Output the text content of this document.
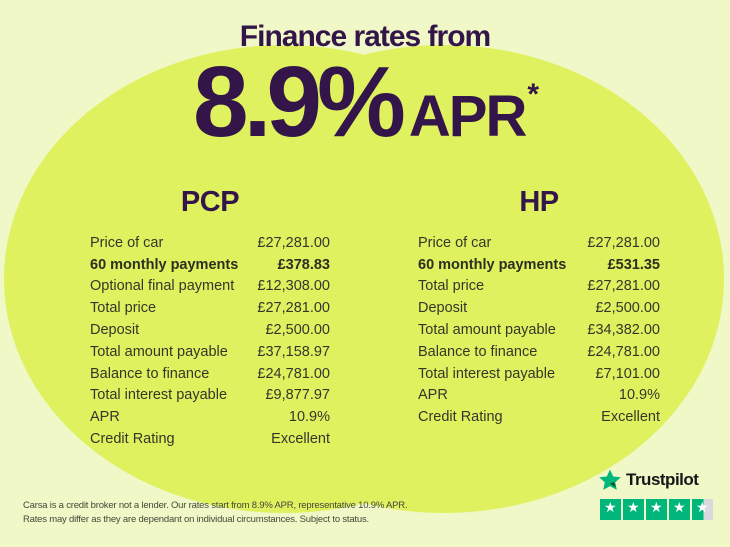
Finance rates from
8.9% APR *
PCP
Price of car	£27,281.00
60 monthly payments	£378.83
Optional final payment £12,308.00
Total price	£27,281.00
Deposit	£2,500.00
Total amount payable £37,158.97
Balance to finance	£24,781.00
Total interest payable	£9,877.97
APR	10.9%
Credit Rating	Excellent
HP
Price of car	£27,281.00
60 monthly payments	£531.35
Total price	£27,281.00
Deposit	£2,500.00
Total amount payable £34,382.00
Balance to finance	£24,781.00
Total interest payable	£7,101.00
APR	10.9%
Credit Rating	Excellent
Carsa is a credit broker not a lender. Our rates start from 8.9% APR, representative 10.9% APR.
Rates may differ as they are dependant on individual circumstances. Subject to status.
Trustpilot
★ ★ ★ ★ ★
